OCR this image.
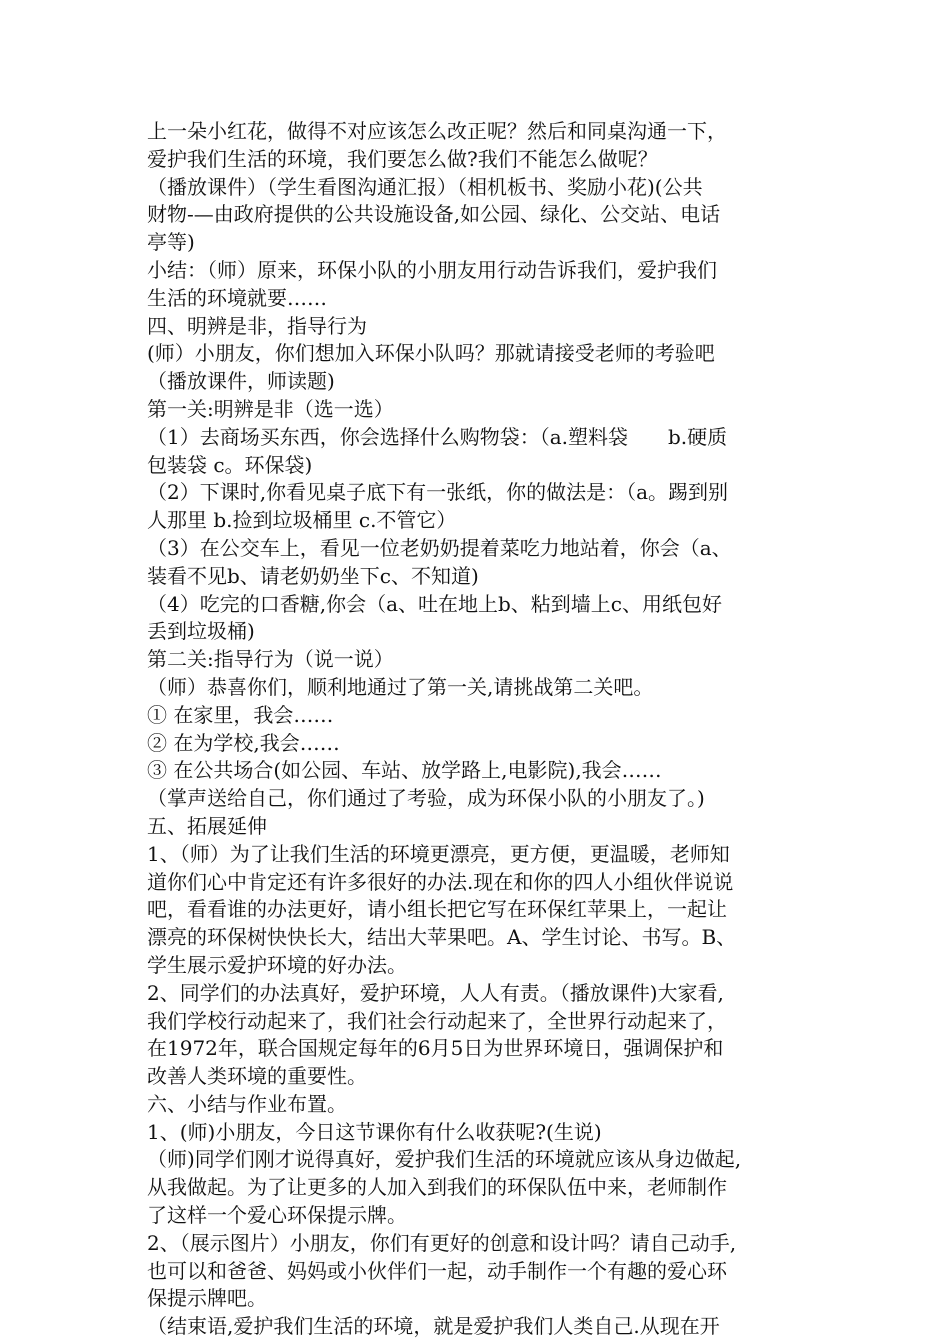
上一朵小红花，做得不对应该怎么改正呢？然后和同桌沟通一下，
爱护我们生活的环境，我们要怎么做?我们不能怎么做呢？
（播放课件）（学生看图沟通汇报）（相机板书、奖励小花)(公共
财物-—由政府提供的公共设施设备,如公园、绿化、公交站、电话
亭等)
小结：（师）原来，环保小队的小朋友用行动告诉我们，爱护我们
生活的环境就要……
四、明辨是非，指导行为
(师）小朋友，你们想加入环保小队吗？那就请接受老师的考验吧
（播放课件，师读题)
第一关:明辨是非（选一选）
（1）去商场买东西，你会选择什么购物袋：（a.塑料袋　　b.硬质
包装袋 c。环保袋)
（2）下课时,你看见桌子底下有一张纸，你的做法是：（a。踢到别
人那里 b.捡到垃圾桶里 c.不管它）
（3）在公交车上，看见一位老奶奶提着菜吃力地站着，你会（a、
装看不见b、请老奶奶坐下c、不知道)
（4）吃完的口香糖,你会（a、吐在地上b、粘到墙上c、用纸包好
丢到垃圾桶)
第二关:指导行为（说一说）
（师）恭喜你们，顺利地通过了第一关,请挑战第二关吧。
① 在家里，我会……
② 在为学校,我会……
③ 在公共场合(如公园、车站、放学路上,电影院),我会……
（掌声送给自己，你们通过了考验，成为环保小队的小朋友了。)
五、拓展延伸
1、（师）为了让我们生活的环境更漂亮，更方便，更温暖，老师知
道你们心中肯定还有许多很好的办法.现在和你的四人小组伙伴说说
吧，看看谁的办法更好，请小组长把它写在环保红苹果上，一起让
漂亮的环保树快快长大，结出大苹果吧。A、学生讨论、书写。B、
学生展示爱护环境的好办法。
2、同学们的办法真好，爱护环境，人人有责。（播放课件)大家看,
我们学校行动起来了，我们社会行动起来了，全世界行动起来了，
在1972年，联合国规定每年的6月5日为世界环境日，强调保护和
改善人类环境的重要性。
六、小结与作业布置。
1、(师)小朋友，今日这节课你有什么收获呢?(生说)
（师)同学们刚才说得真好，爱护我们生活的环境就应该从身边做起,
从我做起。为了让更多的人加入到我们的环保队伍中来，老师制作
了这样一个爱心环保提示牌。
2、（展示图片）小朋友，你们有更好的创意和设计吗？请自己动手,
也可以和爸爸、妈妈或小伙伴们一起，动手制作一个有趣的爱心环
保提示牌吧。
（结束语,爱护我们生活的环境，就是爱护我们人类自己.从现在开
